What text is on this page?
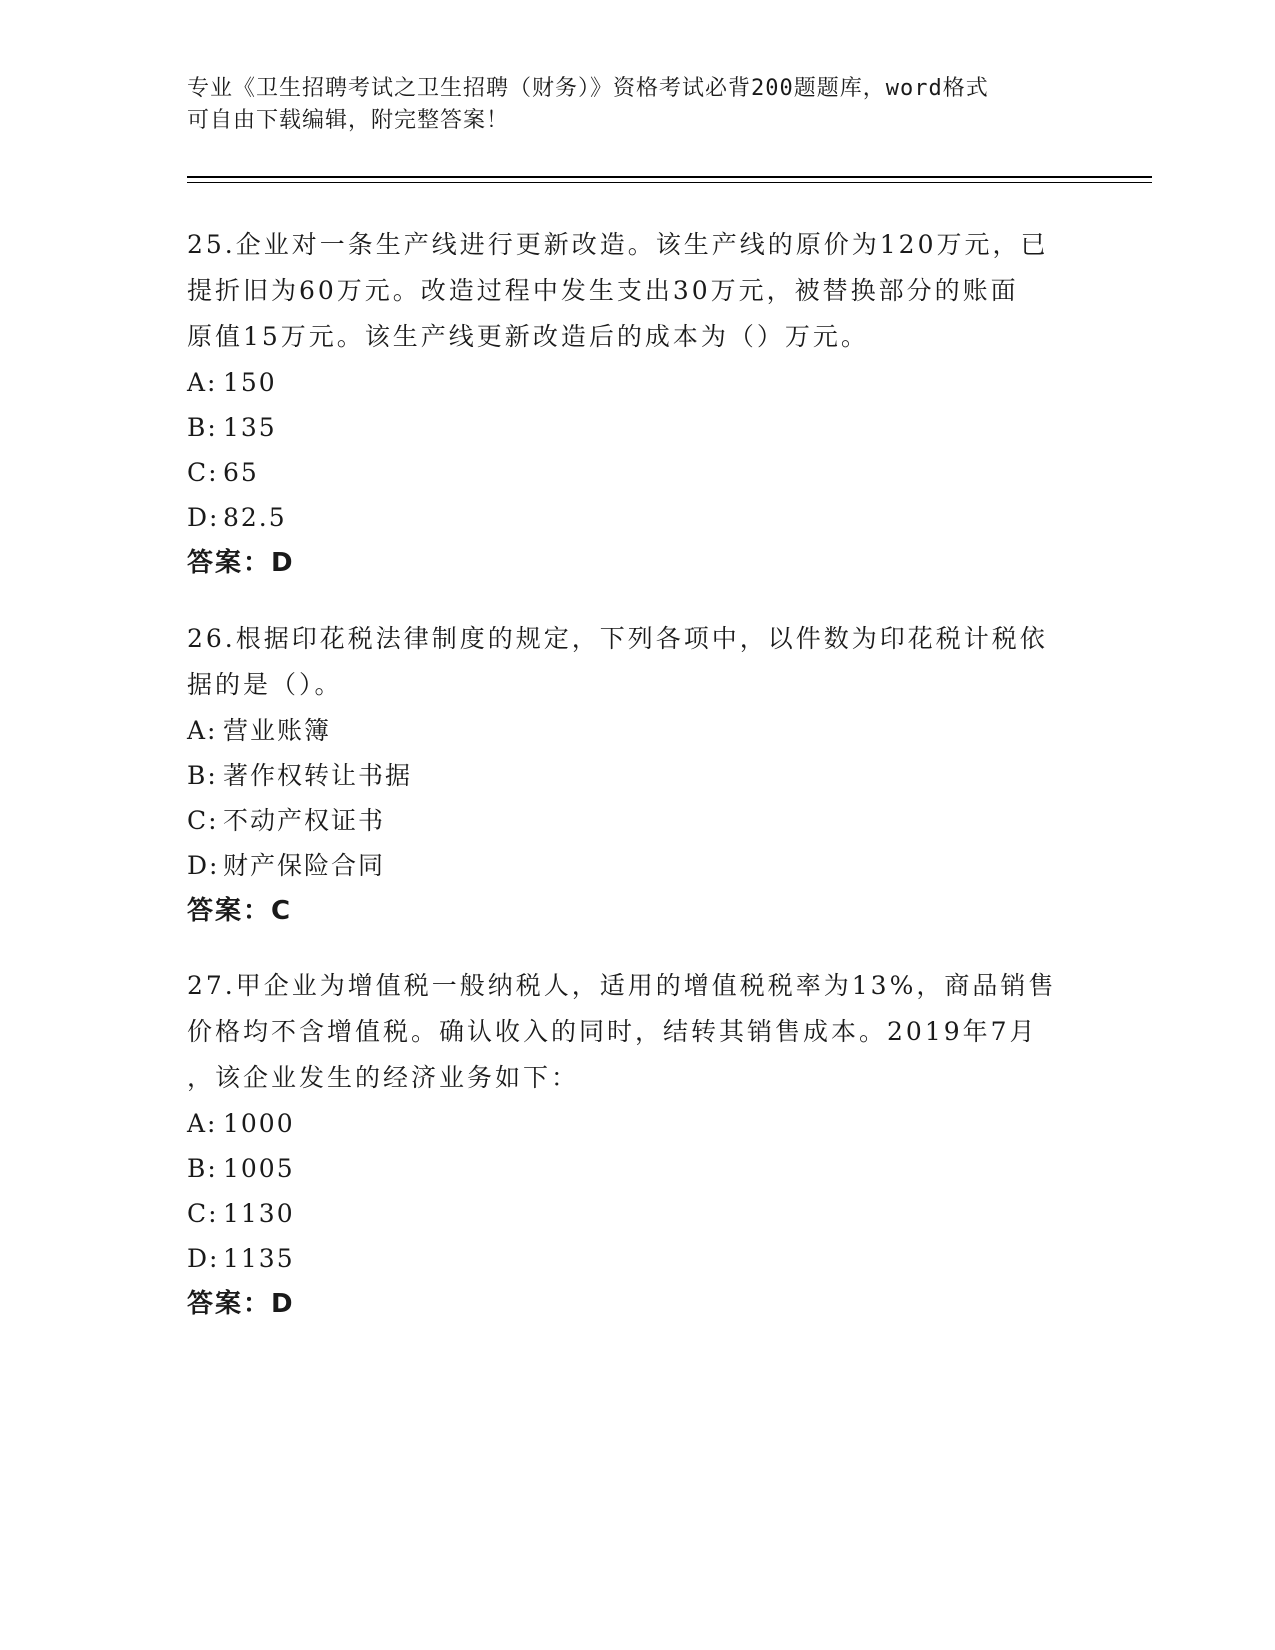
专业《卫生招聘考试之卫生招聘（财务）》资格考试必背200题题库，word格式
可自由下载编辑，附完整答案！
25.企业对一条生产线进行更新改造。该生产线的原价为120万元，已
提折旧为60万元。改造过程中发生支出30万元，被替换部分的账面
原值15万元。该生产线更新改造后的成本为（）万元。
A: 150
B: 135
C: 65
D: 82.5
答案：D
26.根据印花税法律制度的规定，下列各项中，以件数为印花税计税依
据的是（）。
A: 营业账簿
B: 著作权转让书据
C: 不动产权证书
D: 财产保险合同
答案：C
27.甲企业为增值税一般纳税人，适用的增值税税率为13%，商品销售
价格均不含增值税。确认收入的同时，结转其销售成本。2019年7月
，该企业发生的经济业务如下：
A: 1000
B: 1005
C: 1130
D: 1135
答案：D
